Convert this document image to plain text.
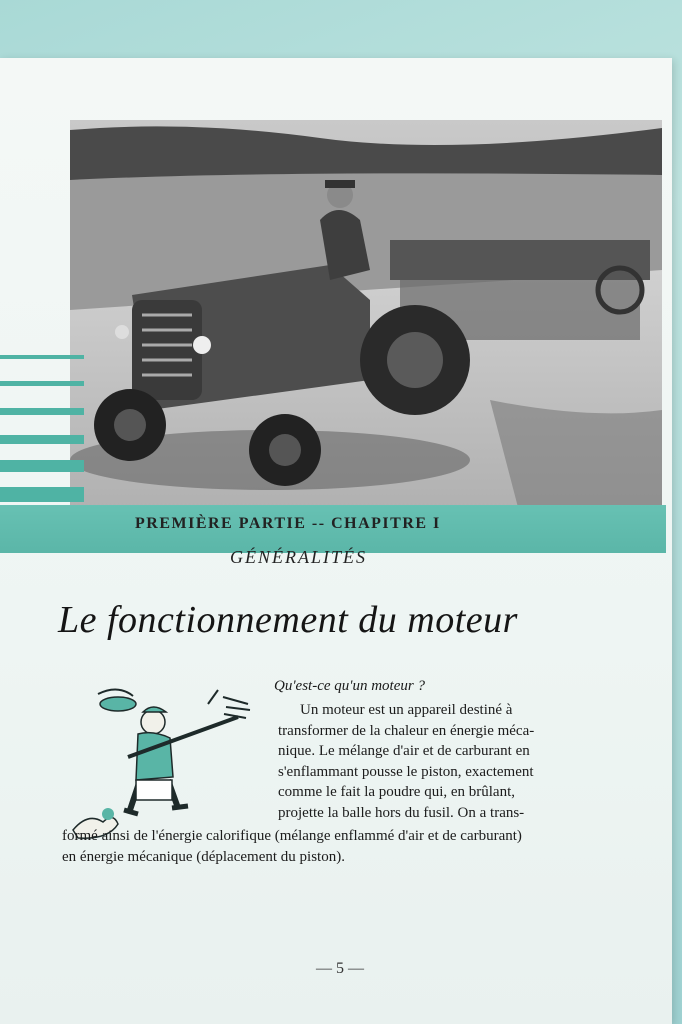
PREMIÈRE PARTIE -- CHAPITRE I
GÉNÉRALITÉS
Le fonctionnement du moteur
Qu'est-ce qu'un moteur ?
Un moteur est un appareil destiné à
transformer de la chaleur en énergie méca-
nique. Le mélange d'air et de carburant en
s'enflammant pousse le piston, exactement
comme le fait la poudre qui, en brûlant,
projette la balle hors du fusil. On a trans-
formé ainsi de l'énergie calorifique (mélange enflammé d'air et de carburant)
en énergie mécanique (déplacement du piston).
— 5 —
